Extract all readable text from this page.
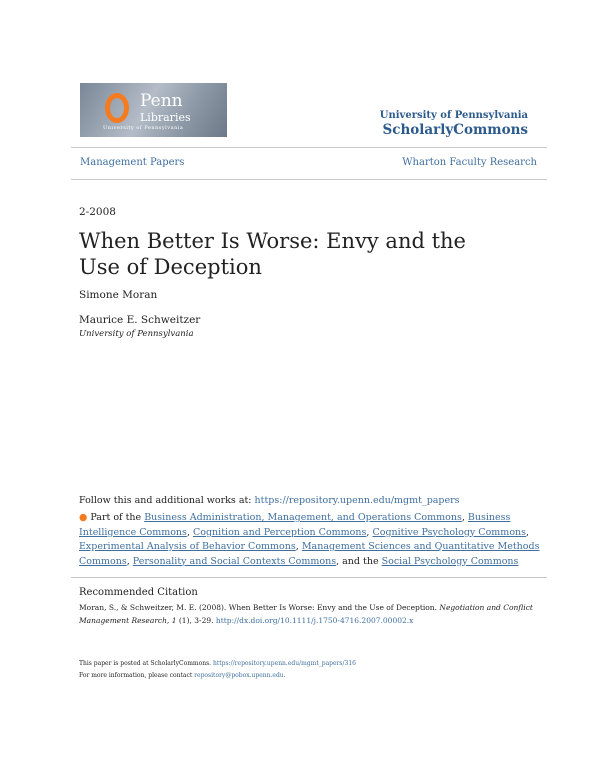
Penn
Libraries
University of Pennsylvania
University of Pennsylvania
ScholarlyCommons
Management Papers	Wharton Faculty Research
2-2008
When Better Is Worse: Envy and the Use of Deception
Simone Moran
Maurice E. Schweitzer
University of Pennsylvania
Follow this and additional works at: https://repository.upenn.edu/mgmt_papers
● Part of the Business Administration, Management, and Operations Commons, Business Intelligence Commons, Cognition and Perception Commons, Cognitive Psychology Commons, Experimental Analysis of Behavior Commons, Management Sciences and Quantitative Methods Commons, Personality and Social Contexts Commons, and the Social Psychology Commons
Recommended Citation
Moran, S., & Schweitzer, M. E. (2008). When Better Is Worse: Envy and the Use of Deception. Negotiation and Conflict Management Research, 1 (1), 3-29. http://dx.doi.org/10.1111/j.1750-4716.2007.00002.x
This paper is posted at ScholarlyCommons. https://repository.upenn.edu/mgmt_papers/316
For more information, please contact repository@pobox.upenn.edu.
